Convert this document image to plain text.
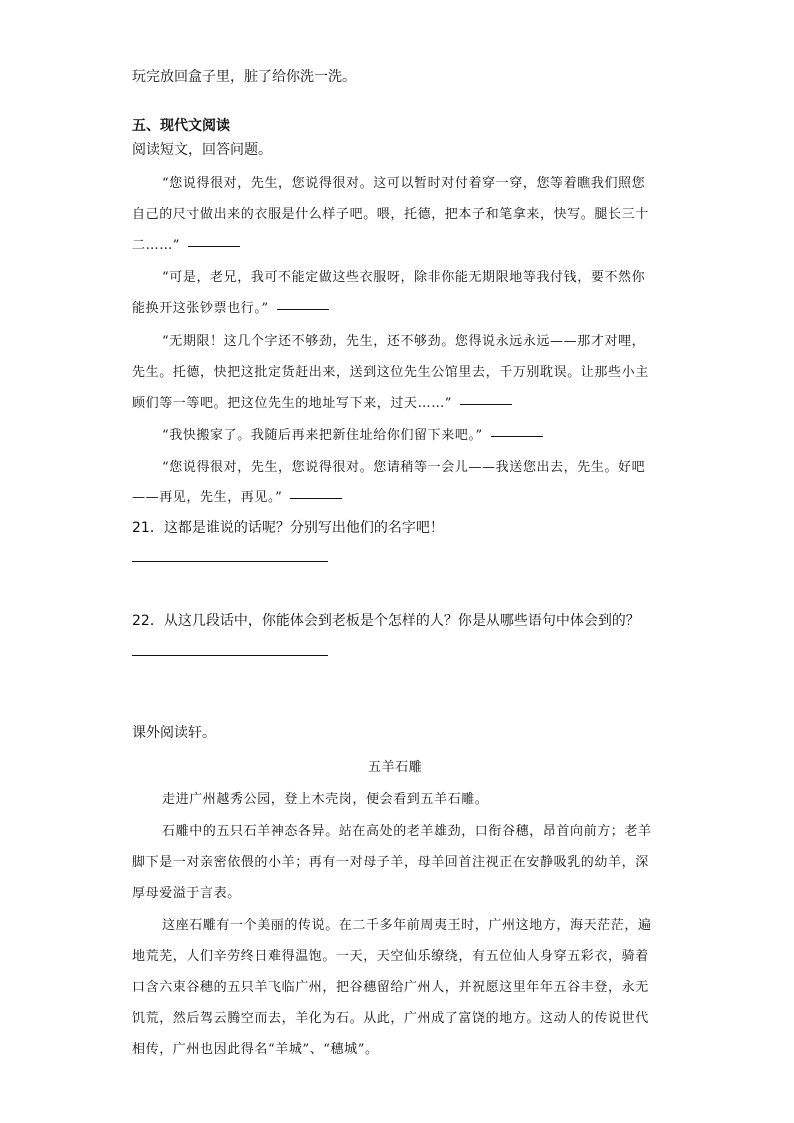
玩完放回盒子里，脏了给你洗一洗。
五、现代文阅读
阅读短文，回答问题。
“您说得很对，先生，您说得很对。这可以暂时对付着穿一穿，您等着瞧我们照您
自己的尺寸做出来的衣服是什么样子吧。喂，托德，把本子和笔拿来，快写。腿长三十
二……”
“可是，老兄，我可不能定做这些衣服呀，除非你能无期限地等我付钱，要不然你
能换开这张钞票也行。”
“无期限！这几个字还不够劲，先生，还不够劲。您得说永远永远——那才对哩，
先生。托德，快把这批定货赶出来，送到这位先生公馆里去，千万别耽误。让那些小主
顾们等一等吧。把这位先生的地址写下来，过天……”
“我快搬家了。我随后再来把新住址给你们留下来吧。”
“您说得很对，先生，您说得很对。您请稍等一会儿——我送您出去，先生。好吧
——再见，先生，再见。”
21．这都是谁说的话呢？分别写出他们的名字吧！
22．从这几段话中，你能体会到老板是个怎样的人？你是从哪些语句中体会到的？
课外阅读轩。
五羊石雕
走进广州越秀公园，登上木壳岗，便会看到五羊石雕。
石雕中的五只石羊神态各异。站在高处的老羊雄劲，口衔谷穗，昂首向前方；老羊
脚下是一对亲密依偎的小羊；再有一对母子羊，母羊回首注视正在安静吸乳的幼羊，深
厚母爱溢于言表。
这座石雕有一个美丽的传说。在二千多年前周夷王时，广州这地方，海天茫茫，遍
地荒芜，人们辛劳终日难得温饱。一天，天空仙乐缭绕，有五位仙人身穿五彩衣，骑着
口含六束谷穗的五只羊飞临广州，把谷穗留给广州人，并祝愿这里年年五谷丰登，永无
饥荒，然后驾云腾空而去，羊化为石。从此，广州成了富饶的地方。这动人的传说世代
相传，广州也因此得名“羊城”、“穗城”。
